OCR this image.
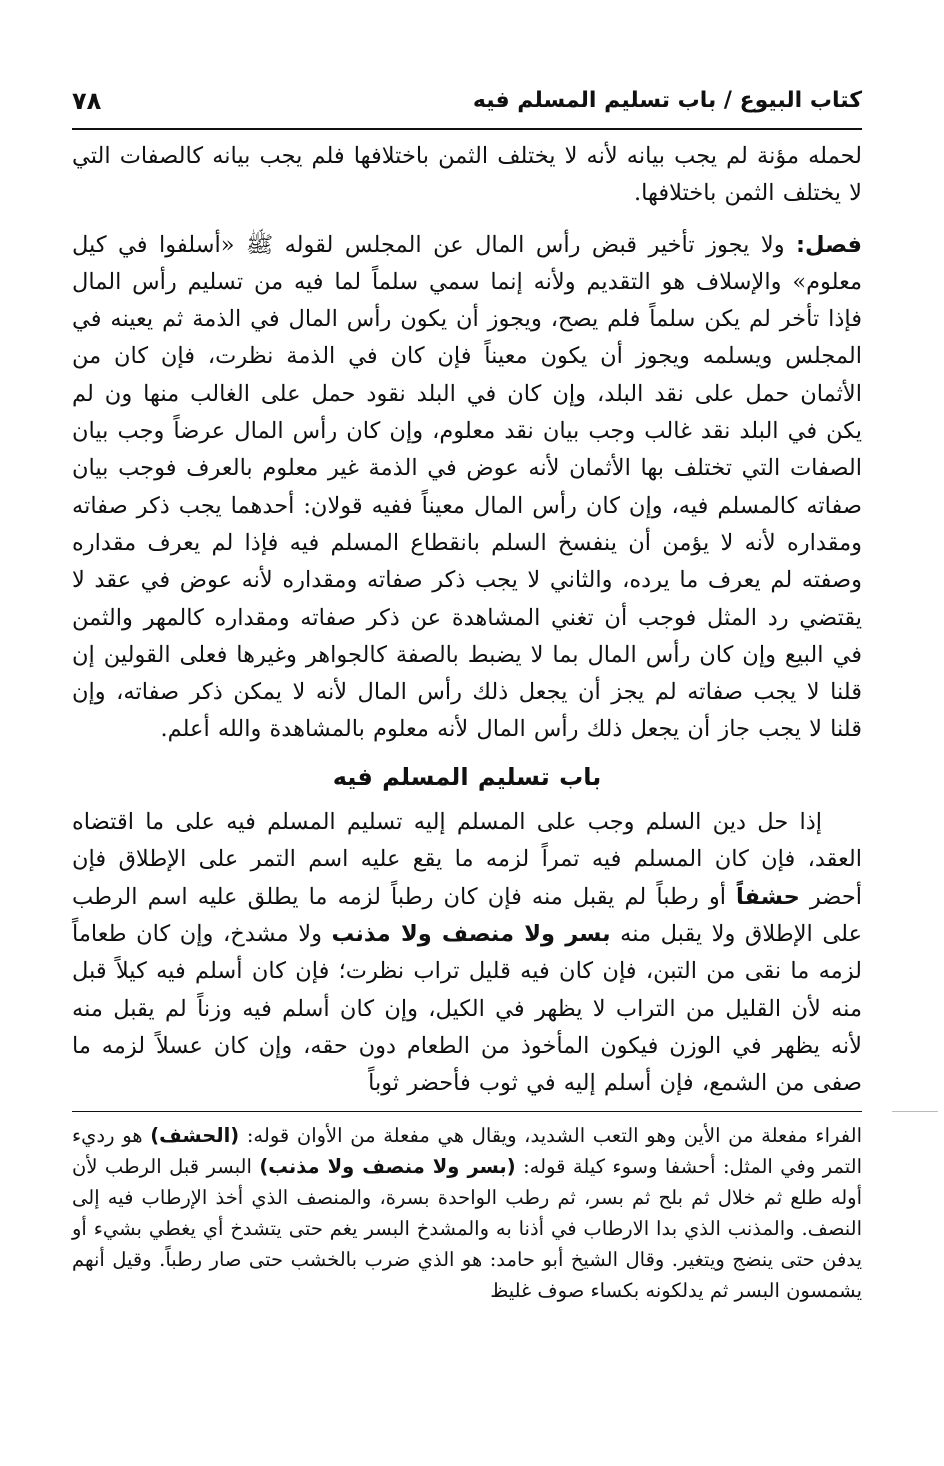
كتاب البيوع / باب تسليم المسلم فيه
٧٨

لحمله مؤنة لم يجب بيانه لأنه لا يختلف الثمن باختلافها فلم يجب بيانه كالصفات التي لا يختلف الثمن باختلافها.

فصل: ولا يجوز تأخير قبض رأس المال عن المجلس لقوله ﷺ «أسلفوا في كيل معلوم» والإسلاف هو التقديم ولأنه إنما سمي سلماً لما فيه من تسليم رأس المال فإذا تأخر لم يكن سلماً فلم يصح، ويجوز أن يكون رأس المال في الذمة ثم يعينه في المجلس ويسلمه ويجوز أن يكون معيناً فإن كان في الذمة نظرت، فإن كان من الأثمان حمل على نقد البلد، وإن كان في البلد نقود حمل على الغالب منها ون لم يكن في البلد نقد غالب وجب بيان نقد معلوم، وإن كان رأس المال عرضاً وجب بيان الصفات التي تختلف بها الأثمان لأنه عوض في الذمة غير معلوم بالعرف فوجب بيان صفاته كالمسلم فيه، وإن كان رأس المال معيناً ففيه قولان: أحدهما يجب ذكر صفاته ومقداره لأنه لا يؤمن أن ينفسخ السلم بانقطاع المسلم فيه فإذا لم يعرف مقداره وصفته لم يعرف ما يرده، والثاني لا يجب ذكر صفاته ومقداره لأنه عوض في عقد لا يقتضي رد المثل فوجب أن تغني المشاهدة عن ذكر صفاته ومقداره كالمهر والثمن في البيع وإن كان رأس المال بما لا يضبط بالصفة كالجواهر وغيرها فعلى القولين إن قلنا لا يجب صفاته لم يجز أن يجعل ذلك رأس المال لأنه لا يمكن ذكر صفاته، وإن قلنا لا يجب جاز أن يجعل ذلك رأس المال لأنه معلوم بالمشاهدة والله أعلم.

باب تسليم المسلم فيه

إذا حل دين السلم وجب على المسلم إليه تسليم المسلم فيه على ما اقتضاه العقد، فإن كان المسلم فيه تمراً لزمه ما يقع عليه اسم التمر على الإطلاق فإن أحضر حشفاً أو رطباً لم يقبل منه فإن كان رطباً لزمه ما يطلق عليه اسم الرطب على الإطلاق ولا يقبل منه بسر ولا منصف ولا مذنب ولا مشدخ، وإن كان طعاماً لزمه ما نقى من التبن، فإن كان فيه قليل تراب نظرت؛ فإن كان أسلم فيه كيلاً قبل منه لأن القليل من التراب لا يظهر في الكيل، وإن كان أسلم فيه وزناً لم يقبل منه لأنه يظهر في الوزن فيكون المأخوذ من الطعام دون حقه، وإن كان عسلاً لزمه ما صفى من الشمع، فإن أسلم إليه في ثوب فأحضر ثوباً

الفراء مفعلة من الأين وهو التعب الشديد، ويقال هي مفعلة من الأوان قوله: (الحشف) هو رديء التمر وفي المثل: أحشفا وسوء كيلة قوله: (بسر ولا منصف ولا مذنب) البسر قبل الرطب لأن أوله طلع ثم خلال ثم بلح ثم بسر، ثم رطب الواحدة بسرة، والمنصف الذي أخذ الإرطاب فيه إلى النصف. والمذنب الذي بدا الارطاب في أذنا به والمشدخ البسر يغم حتى يتشدخ أي يغطي بشيء أو يدفن حتى ينضج ويتغير. وقال الشيخ أبو حامد: هو الذي ضرب بالخشب حتى صار رطباً. وقيل أنهم يشمسون البسر ثم يدلكونه بكساء صوف غليظ
